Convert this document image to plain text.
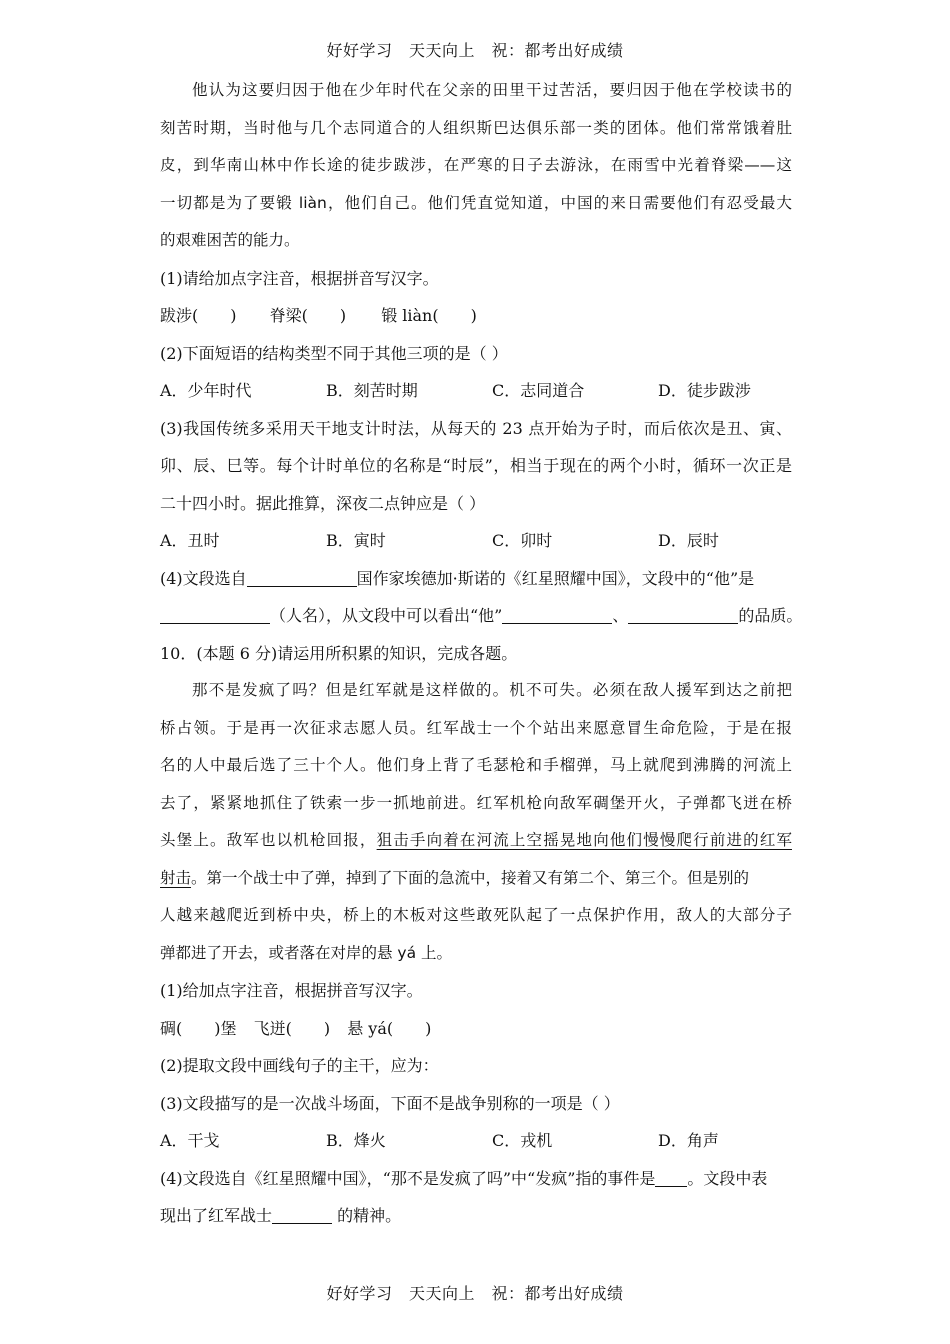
好好学习　天天向上　祝：都考出好成绩
他认为这要归因于他在少年时代在父亲的田里干过苦活，要归因于他在学校读书的
刻苦时期，当时他与几个志同道合的人组织斯巴达俱乐部一类的团体。他们常常饿着肚
皮，到华南山林中作长途的徒步跋涉，在严寒的日子去游泳，在雨雪中光着脊梁——这
一切都是为了要锻 liàn，他们自己。他们凭直觉知道，中国的来日需要他们有忍受最大
的艰难困苦的能力。
(1)请给加点字注音，根据拼音写汉字。
跋涉(　　) 脊梁(　　) 锻 liàn(　　)
(2)下面短语的结构类型不同于其他三项的是（ ）
A．少年时代	B．刻苦时期	C．志同道合	D．徒步跋涉
(3)我国传统多采用天干地支计时法，从每天的 23 点开始为子时，而后依次是丑、寅、
卯、辰、巳等。每个计时单位的名称是“时辰”，相当于现在的两个小时，循环一次正是
二十四小时。据此推算，深夜二点钟应是（ ）
A．丑时	B．寅时	C．卯时	D．辰时
(4)文段选自	国作家埃德加·斯诺的《红星照耀中国》，文段中的“他”是
（人名），从文段中可以看出“他”	、	的品质。
10．(本题 6 分)请运用所积累的知识，完成各题。
那不是发疯了吗？但是红军就是这样做的。机不可失。必须在敌人援军到达之前把
桥占领。于是再一次征求志愿人员。红军战士一个个站出来愿意冒生命危险，于是在报
名的人中最后选了三十个人。他们身上背了毛瑟枪和手榴弹，马上就爬到沸腾的河流上
去了，紧紧地抓住了铁索一步一抓地前进。红军机枪向敌军碉堡开火，子弹都飞迸在桥
头堡上。敌军也以机枪回报，狙击手向着在河流上空摇晃地向他们慢慢爬行前进的红军
射击。第一个战士中了弹，掉到了下面的急流中，接着又有第二个、第三个。但是别的
人越来越爬近到桥中央，桥上的木板对这些敢死队起了一点保护作用，敌人的大部分子
弹都进了开去，或者落在对岸的悬 yá 上。
(1)给加点字注音，根据拼音写汉字。
碉(　　)堡 飞迸(　　) 悬 yá(　　)
(2)提取文段中画线句子的主干，应为：
(3)文段描写的是一次战斗场面，下面不是战争别称的一项是（ ）
A．干戈	B．烽火	C．戎机	D．角声
(4)文段选自《红星照耀中国》，“那不是发疯了吗”中“发疯”指的事件是 。文段中表
现出了红军战士	的精神。
好好学习　天天向上　祝：都考出好成绩
